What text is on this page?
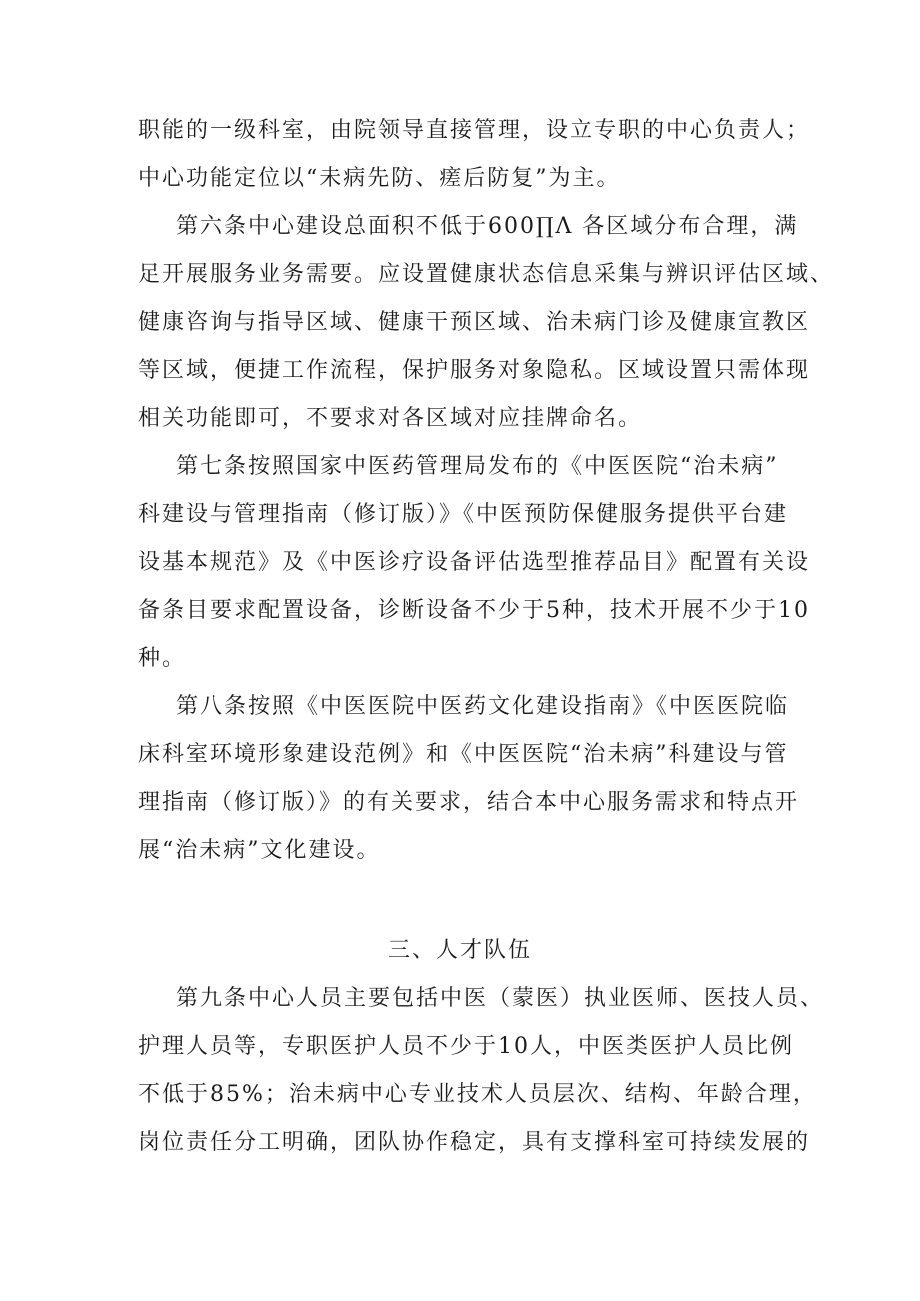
职能的一级科室，由院领导直接管理，设立专职的中心负责人；
中心功能定位以“未病先防、瘥后防复”为主。
第六条中心建设总面积不低于600∏Λ 各区域分布合理，满
足开展服务业务需要。应设置健康状态信息采集与辨识评估区域、
健康咨询与指导区域、健康干预区域、治未病门诊及健康宣教区
等区域，便捷工作流程，保护服务对象隐私。区域设置只需体现
相关功能即可，不要求对各区域对应挂牌命名。
第七条按照国家中医药管理局发布的《中医医院“治未病”
科建设与管理指南（修订版）》《中医预防保健服务提供平台建
设基本规范》及《中医诊疗设备评估选型推荐品目》配置有关设
备条目要求配置设备，诊断设备不少于5种，技术开展不少于10
种。
第八条按照《中医医院中医药文化建设指南》《中医医院临
床科室环境形象建设范例》和《中医医院“治未病”科建设与管
理指南（修订版）》的有关要求，结合本中心服务需求和特点开
展“治未病”文化建设。
三、人才队伍
第九条中心人员主要包括中医（蒙医）执业医师、医技人员、
护理人员等，专职医护人员不少于10人，中医类医护人员比例
不低于85%；治未病中心专业技术人员层次、结构、年龄合理，
岗位责任分工明确，团队协作稳定，具有支撑科室可持续发展的
